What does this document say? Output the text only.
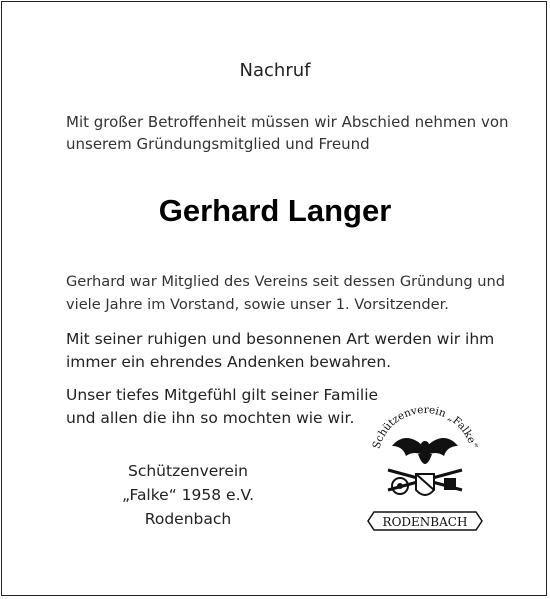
Nachruf
Mit großer Betroffenheit müssen wir Abschied nehmen von
unserem Gründungsmitglied und Freund
Gerhard Langer
Gerhard war Mitglied des Vereins seit dessen Gründung und
viele Jahre im Vorstand, sowie unser 1. Vorsitzender.
Mit seiner ruhigen und besonnenen Art werden wir ihm
immer ein ehrendes Andenken bewahren.
Unser tiefes Mitgefühl gilt seiner Familie
und allen die ihn so mochten wie wir.
Schützenverein
„Falke“ 1958 e.V.
Rodenbach
Schützenverein „Falke“
RODENBACH
